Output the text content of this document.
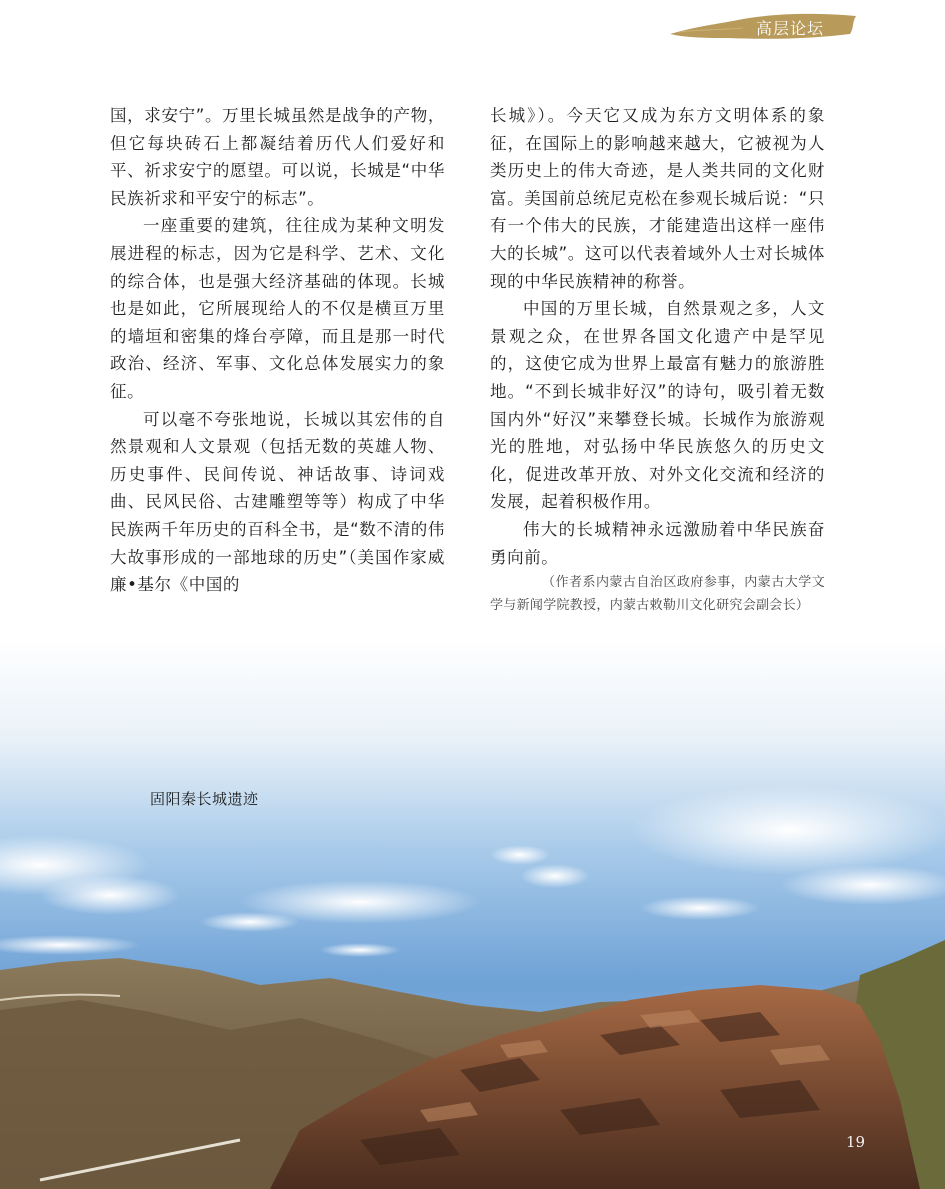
高层论坛

国，求安宁”。万里长城虽然是战争的产物，但它每块砖石上都凝结着历代人们爱好和平、祈求安宁的愿望。可以说，长城是“中华民族祈求和平安宁的标志”。

一座重要的建筑，往往成为某种文明发展进程的标志，因为它是科学、艺术、文化的综合体，也是强大经济基础的体现。长城也是如此，它所展现给人的不仅是横亘万里的墙垣和密集的烽台亭障，而且是那一时代政治、经济、军事、文化总体发展实力的象征。

可以毫不夸张地说，长城以其宏伟的自然景观和人文景观（包括无数的英雄人物、历史事件、民间传说、神话故事、诗词戏曲、民风民俗、古建雕塑等等）构成了中华民族两千年历史的百科全书，是“数不清的伟大故事形成的一部地球的历史”（美国作家威廉•基尔《中国的

长城》）。今天它又成为东方文明体系的象征，在国际上的影响越来越大，它被视为人类历史上的伟大奇迹，是人类共同的文化财富。美国前总统尼克松在参观长城后说：“只有一个伟大的民族，才能建造出这样一座伟大的长城”。这可以代表着域外人士对长城体现的中华民族精神的称誉。

中国的万里长城，自然景观之多，人文景观之众，在世界各国文化遗产中是罕见的，这使它成为世界上最富有魅力的旅游胜地。“不到长城非好汉”的诗句，吸引着无数国内外“好汉”来攀登长城。长城作为旅游观光的胜地，对弘扬中华民族悠久的历史文化，促进改革开放、对外文化交流和经济的发展，起着积极作用。

伟大的长城精神永远激励着中华民族奋勇向前。

（作者系内蒙古自治区政府参事，内蒙古大学文学与新闻学院教授，内蒙古敕勒川文化研究会副会长）

固阳秦长城遗迹
19
